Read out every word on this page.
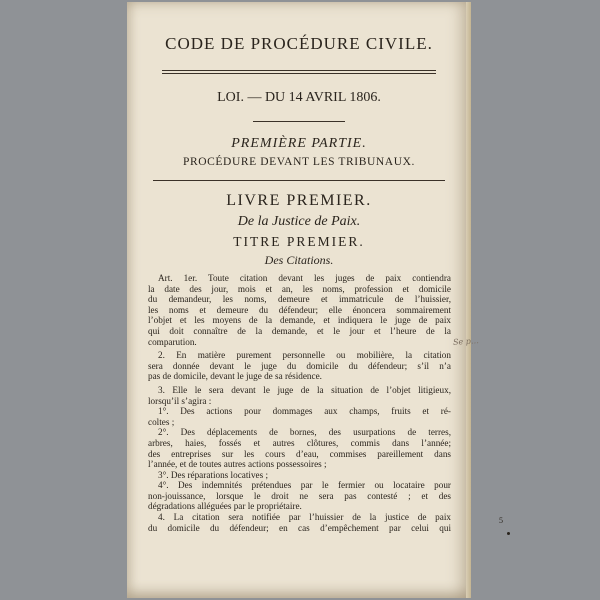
CODE DE PROCÉDURE CIVILE.
LOI. — DU 14 AVRIL 1806.
PREMIÈRE PARTIE.
PROCÉDURE DEVANT LES TRIBUNAUX.
LIVRE PREMIER.
De la Justice de Paix.
TITRE PREMIER.
Des Citations.
Art. 1er. Toute citation devant les juges de paix contiendra
la date des jour, mois et an, les noms, profession et domicile
du demandeur, les noms, demeure et immatricule de l’huissier,
les noms et demeure du défendeur; elle énoncera sommairement
l’objet et les moyens de la demande, et indiquera le juge de paix
qui doit connaître de la demande, et le jour et l’heure de la
comparution.
2. En matière purement personnelle ou mobilière, la citation
sera donnée devant le juge du domicile du défendeur; s’il n’a
pas de domicile, devant le juge de sa résidence.
3. Elle le sera devant le juge de la situation de l’objet litigieux,
lorsqu’il s’agira :
1°. Des actions pour dommages aux champs, fruits et ré-
coltes ;
2°. Des déplacements de bornes, des usurpations de terres,
arbres, haies, fossés et autres clôtures, commis dans l’année;
des entreprises sur les cours d’eau, commises pareillement dans
l’année, et de toutes autres actions possessoires ;
3°. Des réparations locatives ;
4°. Des indemnités prétendues par le fermier ou locataire pour
non-jouissance, lorsque le droit ne sera pas contesté ; et des
dégradations alléguées par le propriétaire.
4. La citation sera notifiée par l’huissier de la justice de paix
du domicile du défendeur; en cas d’empêchement par celui qui
5
Se p…
